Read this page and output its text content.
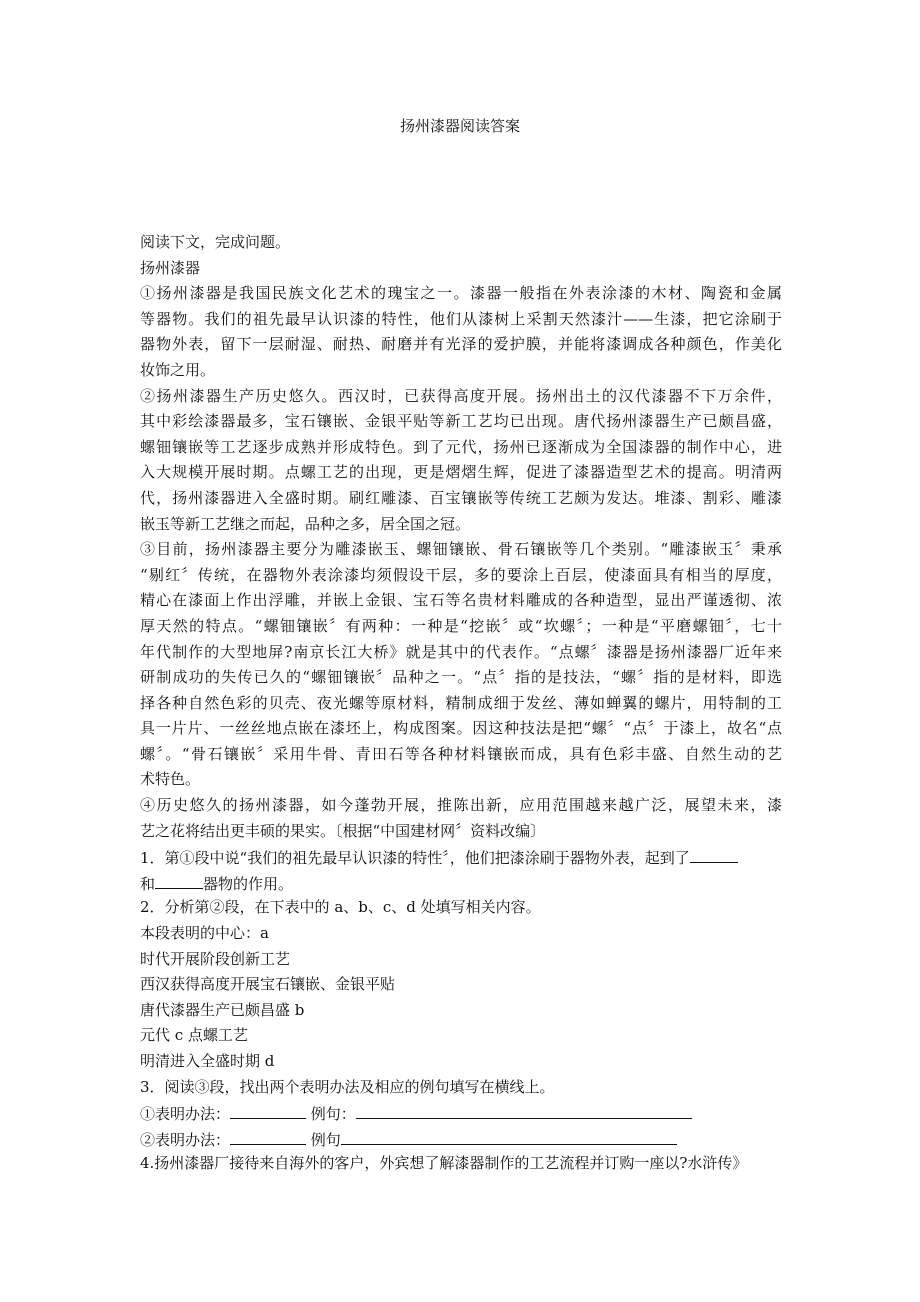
扬州漆器阅读答案
阅读下文，完成问题。
扬州漆器
①扬州漆器是我国民族文化艺术的瑰宝之一。漆器一般指在外表涂漆的木材、陶瓷和金属
等器物。我们的祖先最早认识漆的特性，他们从漆树上采割天然漆汁——生漆，把它涂刷于
器物外表，留下一层耐湿、耐热、耐磨并有光泽的爱护膜，并能将漆调成各种颜色，作美化
妆饰之用。
②扬州漆器生产历史悠久。西汉时，已获得高度开展。扬州出土的汉代漆器不下万余件，
其中彩绘漆器最多，宝石镶嵌、金银平贴等新工艺均已出现。唐代扬州漆器生产已颇昌盛，
螺钿镶嵌等工艺逐步成熟并形成特色。到了元代，扬州已逐渐成为全国漆器的制作中心，进
入大规模开展时期。点螺工艺的出现，更是熠熠生辉，促进了漆器造型艺术的提高。明清两
代，扬州漆器进入全盛时期。刷红雕漆、百宝镶嵌等传统工艺颇为发达。堆漆、割彩、雕漆
嵌玉等新工艺继之而起，品种之多，居全国之冠。
③目前，扬州漆器主要分为雕漆嵌玉、螺钿镶嵌、骨石镶嵌等几个类别。“雕漆嵌玉〞秉承
“剔红〞传统，在器物外表涂漆均须假设干层，多的要涂上百层，使漆面具有相当的厚度，
精心在漆面上作出浮雕，并嵌上金银、宝石等名贵材料雕成的各种造型，显出严谨透彻、浓
厚天然的特点。“螺钿镶嵌〞有两种：一种是“挖嵌〞或“坎螺〞；一种是“平磨螺钿〞，七十
年代制作的大型地屏?南京长江大桥》就是其中的代表作。“点螺〞漆器是扬州漆器厂近年来
研制成功的失传已久的“螺钿镶嵌〞品种之一。“点〞指的是技法，“螺〞指的是材料，即选
择各种自然色彩的贝壳、夜光螺等原材料，精制成细于发丝、薄如蝉翼的螺片，用特制的工
具一片片、一丝丝地点嵌在漆坯上，构成图案。因这种技法是把“螺〞“点〞于漆上，故名“点
螺〞。“骨石镶嵌〞采用牛骨、青田石等各种材料镶嵌而成，具有色彩丰盛、自然生动的艺
术特色。
④历史悠久的扬州漆器，如今蓬勃开展，推陈出新，应用范围越来越广泛，展望未来，漆
艺之花将结出更丰硕的果实。〔根据“中国建材网〞资料改编〕
1．第①段中说“我们的祖先最早认识漆的特性〞，他们把漆涂刷于器物外表，起到了
和	器物的作用。
2．分析第②段，在下表中的 a、b、c、d 处填写相关内容。
本段表明的中心：a
时代开展阶段创新工艺
西汉获得高度开展宝石镶嵌、金银平贴
唐代漆器生产已颇昌盛 b
元代 c 点螺工艺
明清进入全盛时期 d
3．阅读③段，找出两个表明办法及相应的例句填写在横线上。
①表明办法：	例句：
②表明办法：	例句
4.扬州漆器厂接待来自海外的客户，外宾想了解漆器制作的工艺流程并订购一座以?水浒传》
